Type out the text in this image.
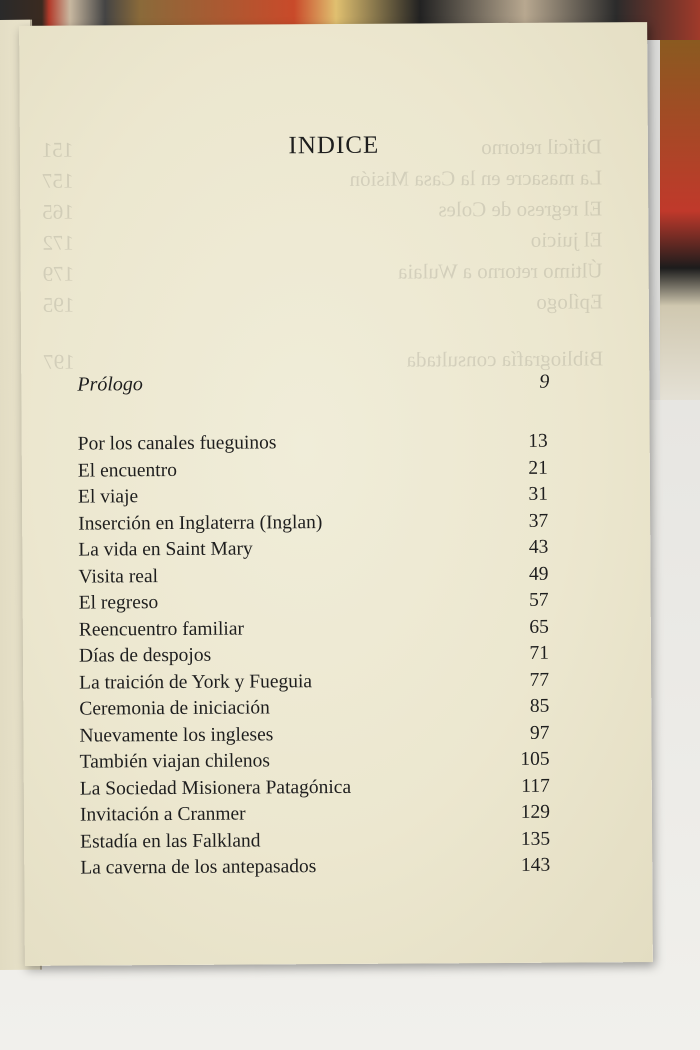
Difícil retorno
151
La masacre en la Casa Misión
157
El regreso de Coles
165
El juicio
172
Último retorno a Wulaia
179
Epílogo
195
Bibliografía consultada
197
INDICE
Prólogo	9
Por los canales fueguinos	13
El encuentro	21
El viaje	31
Inserción en Inglaterra (Inglan)	37
La vida en Saint Mary	43
Visita real	49
El regreso	57
Reencuentro familiar	65
Días de despojos	71
La traición de York y Fueguia	77
Ceremonia de iniciación	85
Nuevamente los ingleses	97
También viajan chilenos	105
La Sociedad Misionera Patagónica	117
Invitación a Cranmer	129
Estadía en las Falkland	135
La caverna de los antepasados	143
